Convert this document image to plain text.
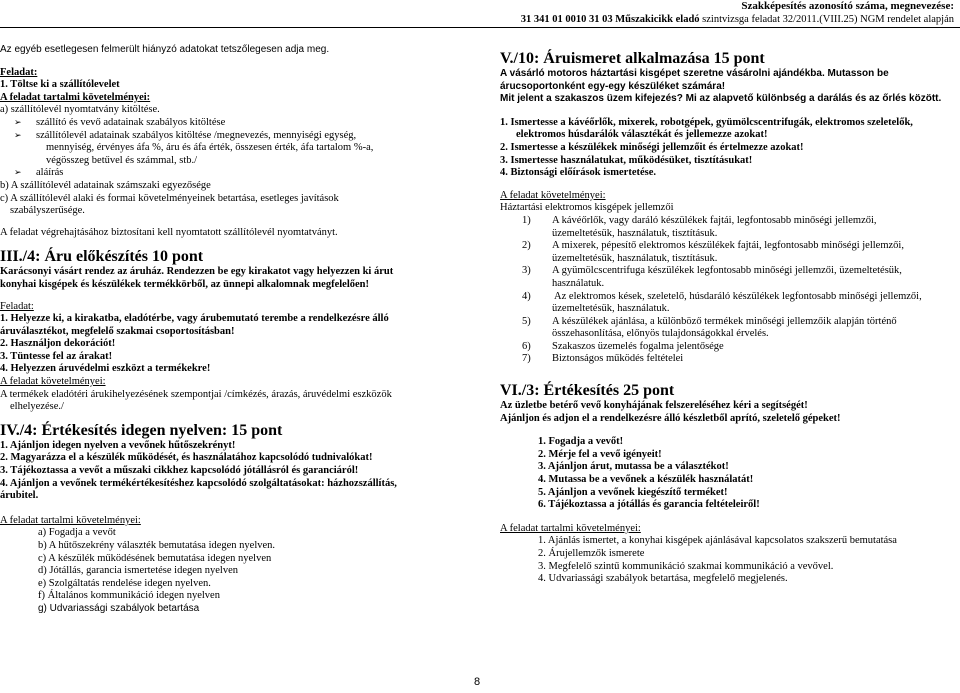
Szakképesítés azonosító száma, megnevezése:
31 341 01 0010 31 03 Műszakicikk eladó szintvizsga feladat 32/2011.(VIII.25) NGM rendelet alapján

Az egyéb esetlegesen felmerült hiányzó adatokat tetszőlegesen adja meg.

Feladat:

1. Töltse ki a szállítólevelet

A feladat tartalmi követelményei:

a) szállítólevél nyomtatvány kitöltése.

➢ szállító és vevő adatainak szabályos kitöltése

➢ szállítólevél adatainak szabályos kitöltése /megnevezés, mennyiségi egység,

mennyiség, érvényes áfa %, áru és áfa érték, összesen érték, áfa tartalom %-a,

végösszeg betűvel és számmal, stb./

➢ aláírás

b) A szállítólevél adatainak számszaki egyezősége

c) A szállítólevél alaki és formai követelményeinek betartása, esetleges javítások

szabályszerűsége.

A feladat végrehajtásához biztosítani kell nyomtatott szállítólevél nyomtatványt.

III./4: Áru előkészítés 10 pont

Karácsonyi vásárt rendez az áruház. Rendezzen be egy kirakatot vagy helyezzen ki árut

konyhai kisgépek és készülékek termékkörből, az ünnepi alkalomnak megfelelően!

Feladat:

1. Helyezze ki, a kirakatba, eladótérbe, vagy árubemutató terembe a rendelkezésre álló

áruválasztékot, megfelelő szakmai csoportosításban!

2. Használjon dekorációt!

3. Tüntesse fel az árakat!

4. Helyezzen áruvédelmi eszközt a termékekre!

A feladat követelményei:

A termékek eladótéri árukihelyezésének szempontjai /címkézés, árazás, áruvédelmi eszközök

elhelyezése./

IV./4: Értékesítés idegen nyelven: 15 pont

1. Ajánljon idegen nyelven a vevőnek hűtőszekrényt!

2. Magyarázza el a készülék működését, és használatához kapcsolódó tudnivalókat!

3. Tájékoztassa a vevőt a műszaki cikkhez kapcsolódó jótállásról és garanciáról!

4. Ajánljon a vevőnek termékértékesítéshez kapcsolódó szolgáltatásokat: házhozszállítás,

árubitel.

A feladat tartalmi követelményei:

a) Fogadja a vevőt

b) A hűtőszekrény választék bemutatása idegen nyelven.

c) A készülék működésének bemutatása idegen nyelven

d) Jótállás, garancia ismertetése idegen nyelven

e) Szolgáltatás rendelése idegen nyelven.

f) Általános kommunikáció idegen nyelven

g) Udvariassági szabályok betartása

V./10: Áruismeret alkalmazása 15 pont

A vásárló motoros háztartási kisgépet szeretne vásárolni ajándékba. Mutasson be

árucsoportonként egy-egy készüléket számára!

Mit jelent a szakaszos üzem kifejezés? Mi az alapvető különbség a darálás és az őrlés között.

1. Ismertesse a kávéőrlők, mixerek, robotgépek, gyümölcscentrifugák, elektromos szeletelők,

elektromos húsdarálók választékát és jellemezze azokat!

2. Ismertesse a készülékek minőségi jellemzőit és értelmezze azokat!

3. Ismertesse használatukat, működésüket, tisztításukat!

4. Biztonsági előírások ismertetése.

A feladat követelményei:

Háztartási elektromos kisgépek jellemzői

1) A kávéőrlők, vagy daráló készülékek fajtái, legfontosabb minőségi jellemzői,

üzemeltetésük, használatuk, tisztításuk.

2) A mixerek, pépesítő elektromos készülékek fajtái, legfontosabb minőségi jellemzői,

üzemeltetésük, használatuk, tisztításuk.

3) A gyümölcscentrifuga készülékek legfontosabb minőségi jellemzői, üzemeltetésük,

használatuk.

4) Az elektromos kések, szeletelő, húsdaráló készülékek legfontosabb minőségi jellemzői,

üzemeltetésük, használatuk.

5) A készülékek ajánlása, a különböző termékek minőségi jellemzőik alapján történő

összehasonlítása, előnyös tulajdonságokkal érvelés.

6) Szakaszos üzemelés fogalma jelentősége

7) Biztonságos működés feltételei

VI./3: Értékesítés 25 pont

Az üzletbe betérő vevő konyhájának felszereléséhez kéri a segítségét!

Ajánljon és adjon el a rendelkezésre álló készletből aprító, szeletelő gépeket!

1. Fogadja a vevőt!

2. Mérje fel a vevő igényeit!

3. Ajánljon árut, mutassa be a választékot!

4. Mutassa be a vevőnek a készülék használatát!

5. Ajánljon a vevőnek kiegészítő terméket!

6. Tájékoztassa a jótállás és garancia feltételeiről!

A feladat tartalmi követelményei:

1. Ajánlás ismertet, a konyhai kisgépek ajánlásával kapcsolatos szakszerű bemutatása

2. Árujellemzők ismerete

3. Megfelelő szintű kommunikáció szakmai kommunikáció a vevővel.

4. Udvariassági szabályok betartása, megfelelő megjelenés.

8
